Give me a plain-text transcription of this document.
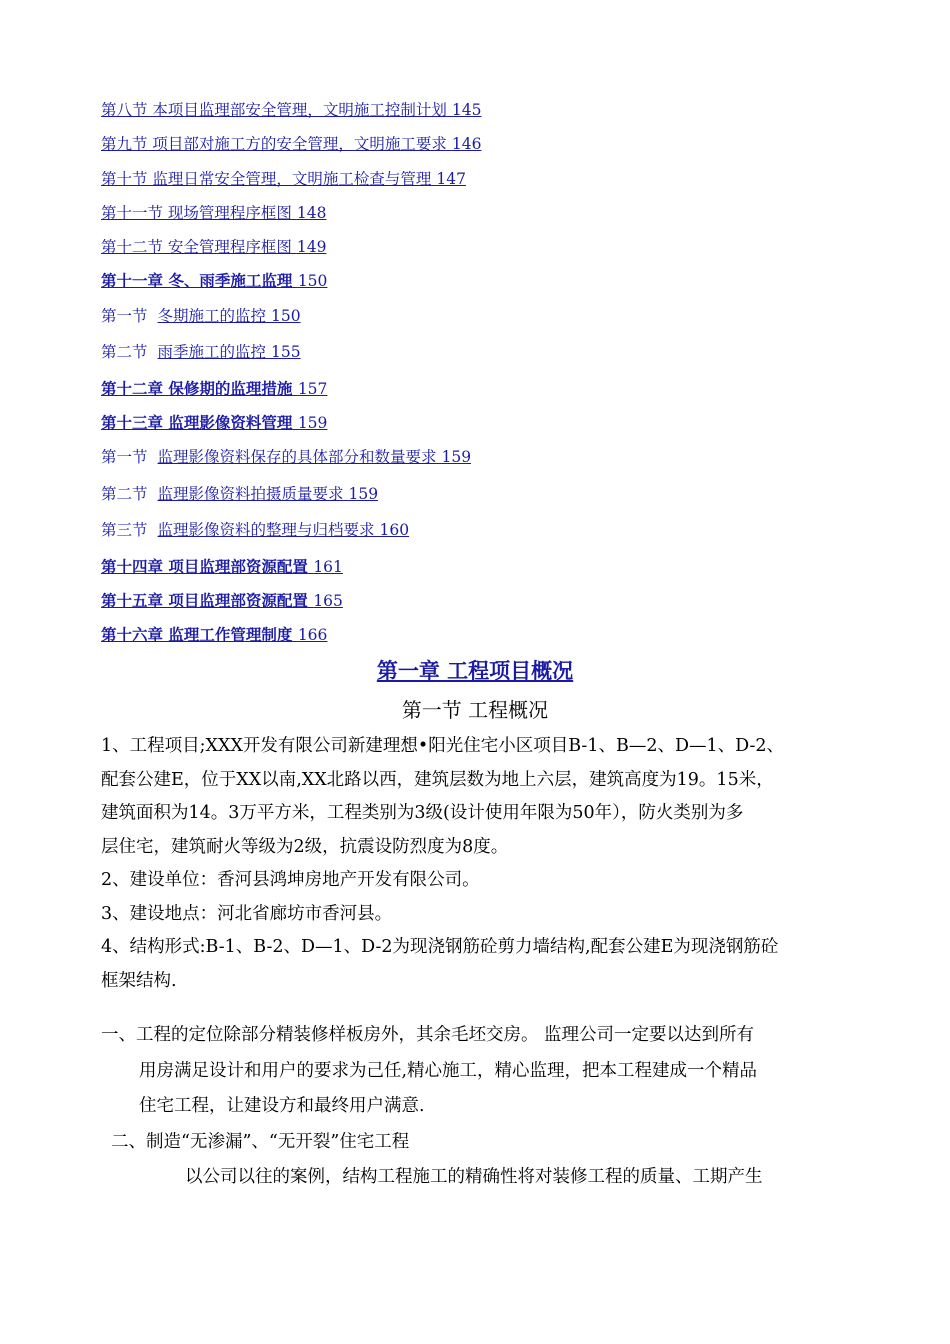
第八节 本项目监理部安全管理，文明施工控制计划 145
第九节 项目部对施工方的安全管理，文明施工要求 146
第十节 监理日常安全管理，文明施工检查与管理 147
第十一节 现场管理程序框图 148
第十二节 安全管理程序框图 149
第十一章 冬、雨季施工监理 150
第一节 冬期施工的监控 150
第二节 雨季施工的监控 155
第十二章 保修期的监理措施 157
第十三章 监理影像资料管理 159
第一节 监理影像资料保存的具体部分和数量要求 159
第二节 监理影像资料拍摄质量要求 159
第三节 监理影像资料的整理与归档要求 160
第十四章 项目监理部资源配置 161
第十五章 项目监理部资源配置 165
第十六章 监理工作管理制度 166
第一章 工程项目概况
第一节 工程概况

1、工程项目;XXX开发有限公司新建理想•阳光住宅小区项目B-1、B—2、D—1、D-2、

配套公建E，位于XX以南,XX北路以西，建筑层数为地上六层，建筑高度为19。15米，

建筑面积为14。3万平方米，工程类别为3级(设计使用年限为50年），防火类别为多

层住宅，建筑耐火等级为2级，抗震设防烈度为8度。

2、建设单位：香河县鸿坤房地产开发有限公司。

3、建设地点：河北省廊坊市香河县。

4、结构形式:B-1、B-2、D—1、D-2为现浇钢筋砼剪力墙结构,配套公建E为现浇钢筋砼

框架结构.

一、工程的定位除部分精装修样板房外，其余毛坯交房。 监理公司一定要以达到所有

用房满足设计和用户的要求为己任,精心施工，精心监理，把本工程建成一个精品

住宅工程，让建设方和最终用户满意.

二、制造“无渗漏”、“无开裂”住宅工程

以公司以往的案例，结构工程施工的精确性将对装修工程的质量、工期产生
